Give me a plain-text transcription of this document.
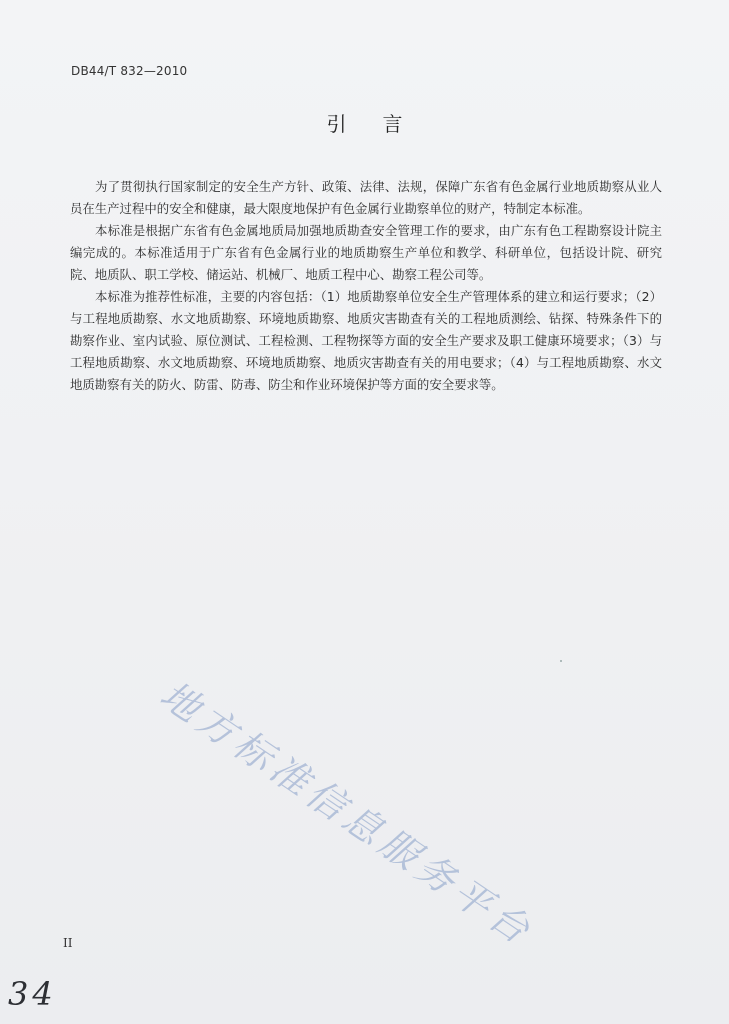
DB44/T 832—2010
引言

为了贯彻执行国家制定的安全生产方针、政策、法律、法规，保障广东省有色金属行业地质勘察从业人员在生产过程中的安全和健康，最大限度地保护有色金属行业勘察单位的财产，特制定本标准。

本标准是根据广东省有色金属地质局加强地质勘查安全管理工作的要求，由广东有色工程勘察设计院主编完成的。本标准适用于广东省有色金属行业的地质勘察生产单位和教学、科研单位，包括设计院、研究院、地质队、职工学校、储运站、机械厂、地质工程中心、勘察工程公司等。

本标准为推荐性标准，主要的内容包括：（1）地质勘察单位安全生产管理体系的建立和运行要求；（2）与工程地质勘察、水文地质勘察、环境地质勘察、地质灾害勘查有关的工程地质测绘、钻探、特殊条件下的勘察作业、室内试验、原位测试、工程检测、工程物探等方面的安全生产要求及职工健康环境要求；（3）与工程地质勘察、水文地质勘察、环境地质勘察、地质灾害勘查有关的用电要求；（4）与工程地质勘察、水文地质勘察有关的防火、防雷、防毒、防尘和作业环境保护等方面的安全要求等。

地方标准信息服务平台
II
34
